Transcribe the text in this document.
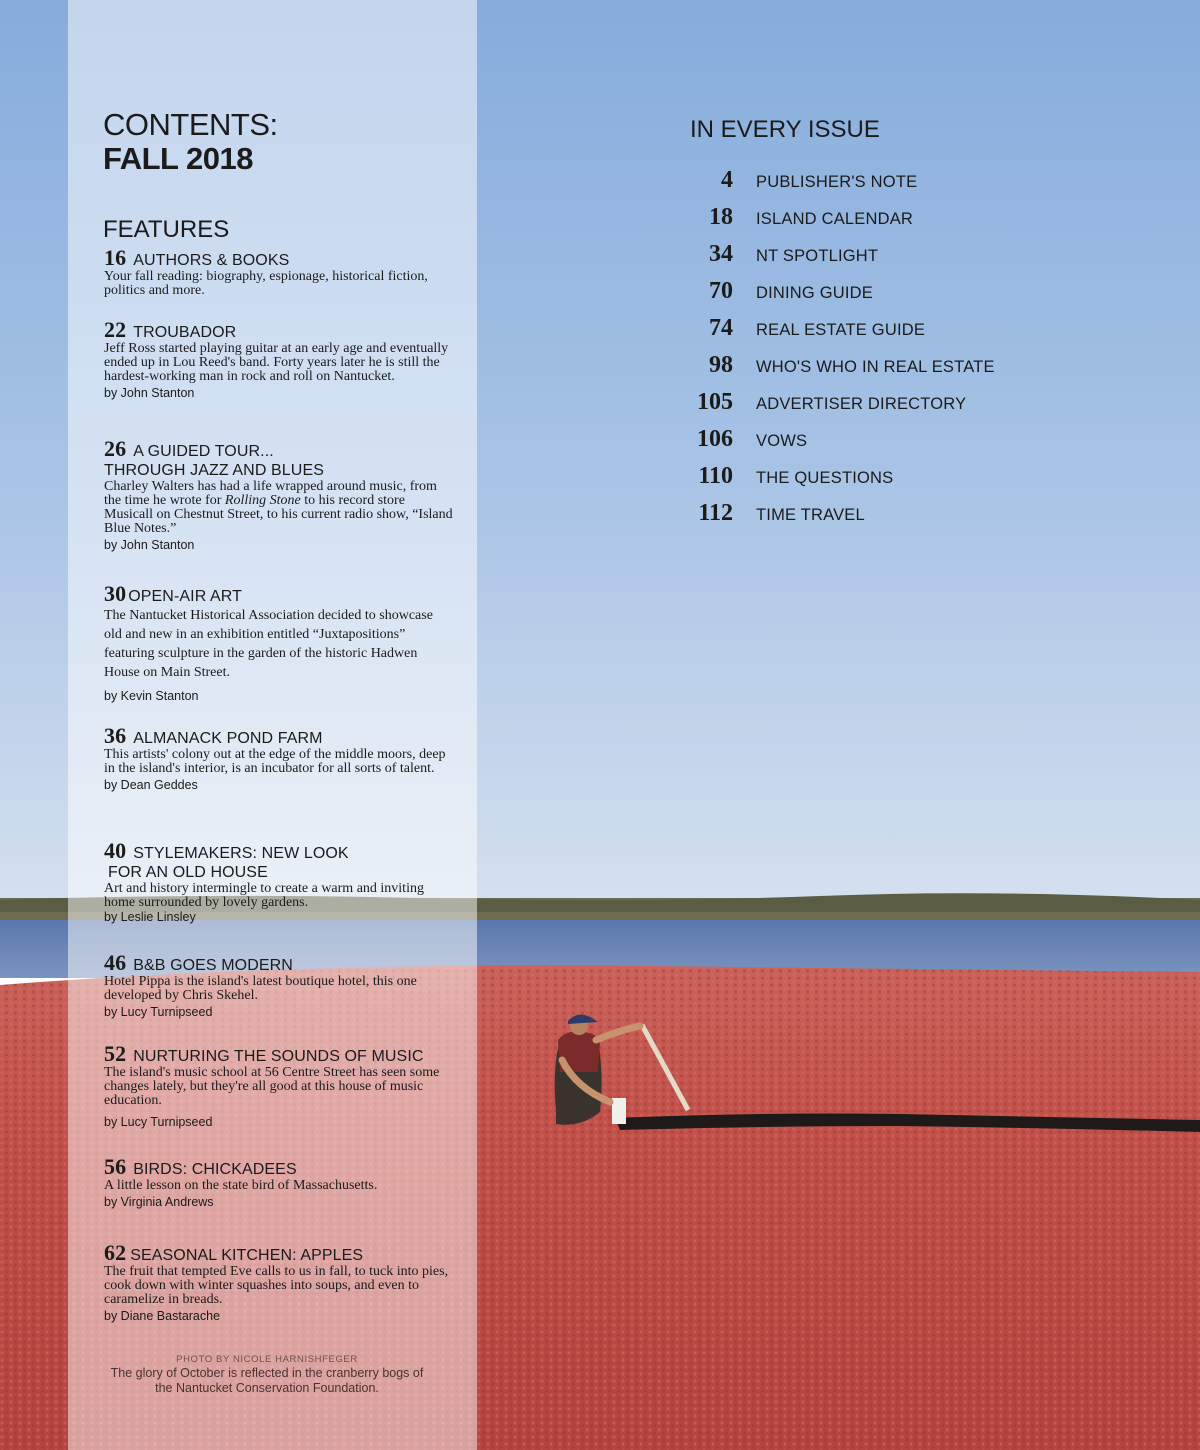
CONTENTS:
FALL 2018
FEATURES
16 AUTHORS & BOOKS
Your fall reading: biography, espionage, historical fiction, politics and more.
22 TROUBADOR
Jeff Ross started playing guitar at an early age and eventually ended up in Lou Reed's band. Forty years later he is still the hardest-working man in rock and roll on Nantucket.
by John Stanton
26 A GUIDED TOUR...
THROUGH JAZZ AND BLUES
Charley Walters has had a life wrapped around music, from the time he wrote for Rolling Stone to his record store Musicall on Chestnut Street, to his current radio show, “Island Blue Notes.”
by John Stanton
30 OPEN-AIR ART
The Nantucket Historical Association decided to showcase old and new in an exhibition entitled “Juxtapositions” featuring sculpture in the garden of the historic Hadwen House on Main Street.
by Kevin Stanton
36 ALMANACK POND FARM
This artists' colony out at the edge of the middle moors, deep in the island's interior, is an incubator for all sorts of talent.
by Dean Geddes
40 STYLEMAKERS: NEW LOOK
FOR AN OLD HOUSE
Art and history intermingle to create a warm and inviting home surrounded by lovely gardens.
by Leslie Linsley
46 B&B GOES MODERN
Hotel Pippa is the island's latest boutique hotel, this one developed by Chris Skehel.
by Lucy Turnipseed
52 NURTURING THE SOUNDS OF MUSIC
The island's music school at 56 Centre Street has seen some changes lately, but they're all good at this house of music education.
by Lucy Turnipseed
56 BIRDS: CHICKADEES
A little lesson on the state bird of Massachusetts.
by Virginia Andrews
62 SEASONAL KITCHEN: APPLES
The fruit that tempted Eve calls to us in fall, to tuck into pies, cook down with winter squashes into soups, and even to caramelize in breads.
by Diane Bastarache
PHOTO BY NICOLE HARNISHFEGER
The glory of October is reflected in the cranberry bogs of the Nantucket Conservation Foundation.
IN EVERY ISSUE
4 PUBLISHER'S NOTE
18 ISLAND CALENDAR
34 NT SPOTLIGHT
70 DINING GUIDE
74 REAL ESTATE GUIDE
98 WHO'S WHO IN REAL ESTATE
105 ADVERTISER DIRECTORY
106 VOWS
110 THE QUESTIONS
112 TIME TRAVEL
